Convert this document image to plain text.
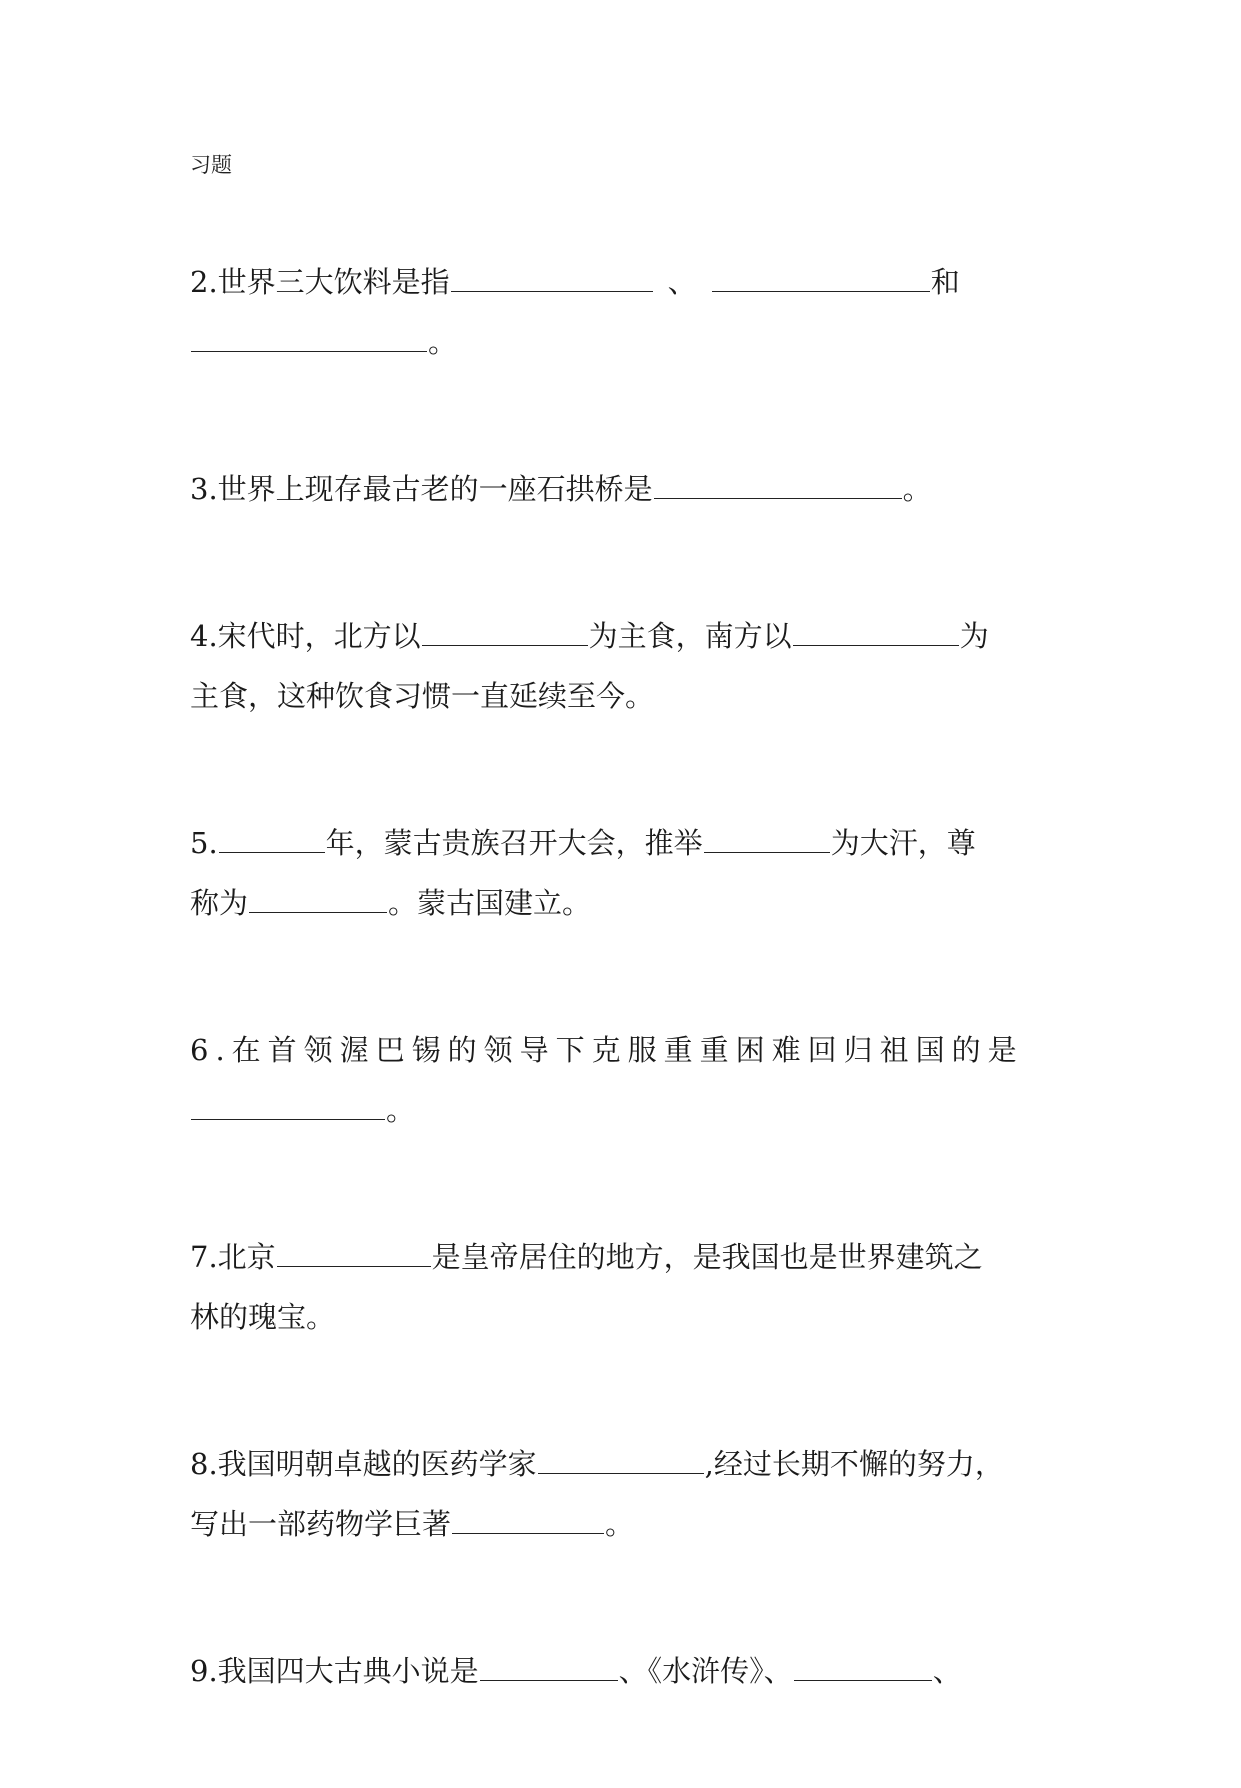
习题
2.世界三大饮料是指	、	和
。
3.世界上现存最古老的一座石拱桥是	。
4.宋代时，北方以	为主食，南方以	为
主食，这种饮食习惯一直延续至今。
5.	年，蒙古贵族召开大会，推举	为大汗，尊
称为	。蒙古国建立。
6.在首领渥巴锡的领导下克服重重困难回归祖国的是
。
7.北京	是皇帝居住的地方，是我国也是世界建筑之
林的瑰宝。
8.我国明朝卓越的医药学家	,经过长期不懈的努力，
写出一部药物学巨著	。
9.我国四大古典小说是	、《水浒传》、	、
